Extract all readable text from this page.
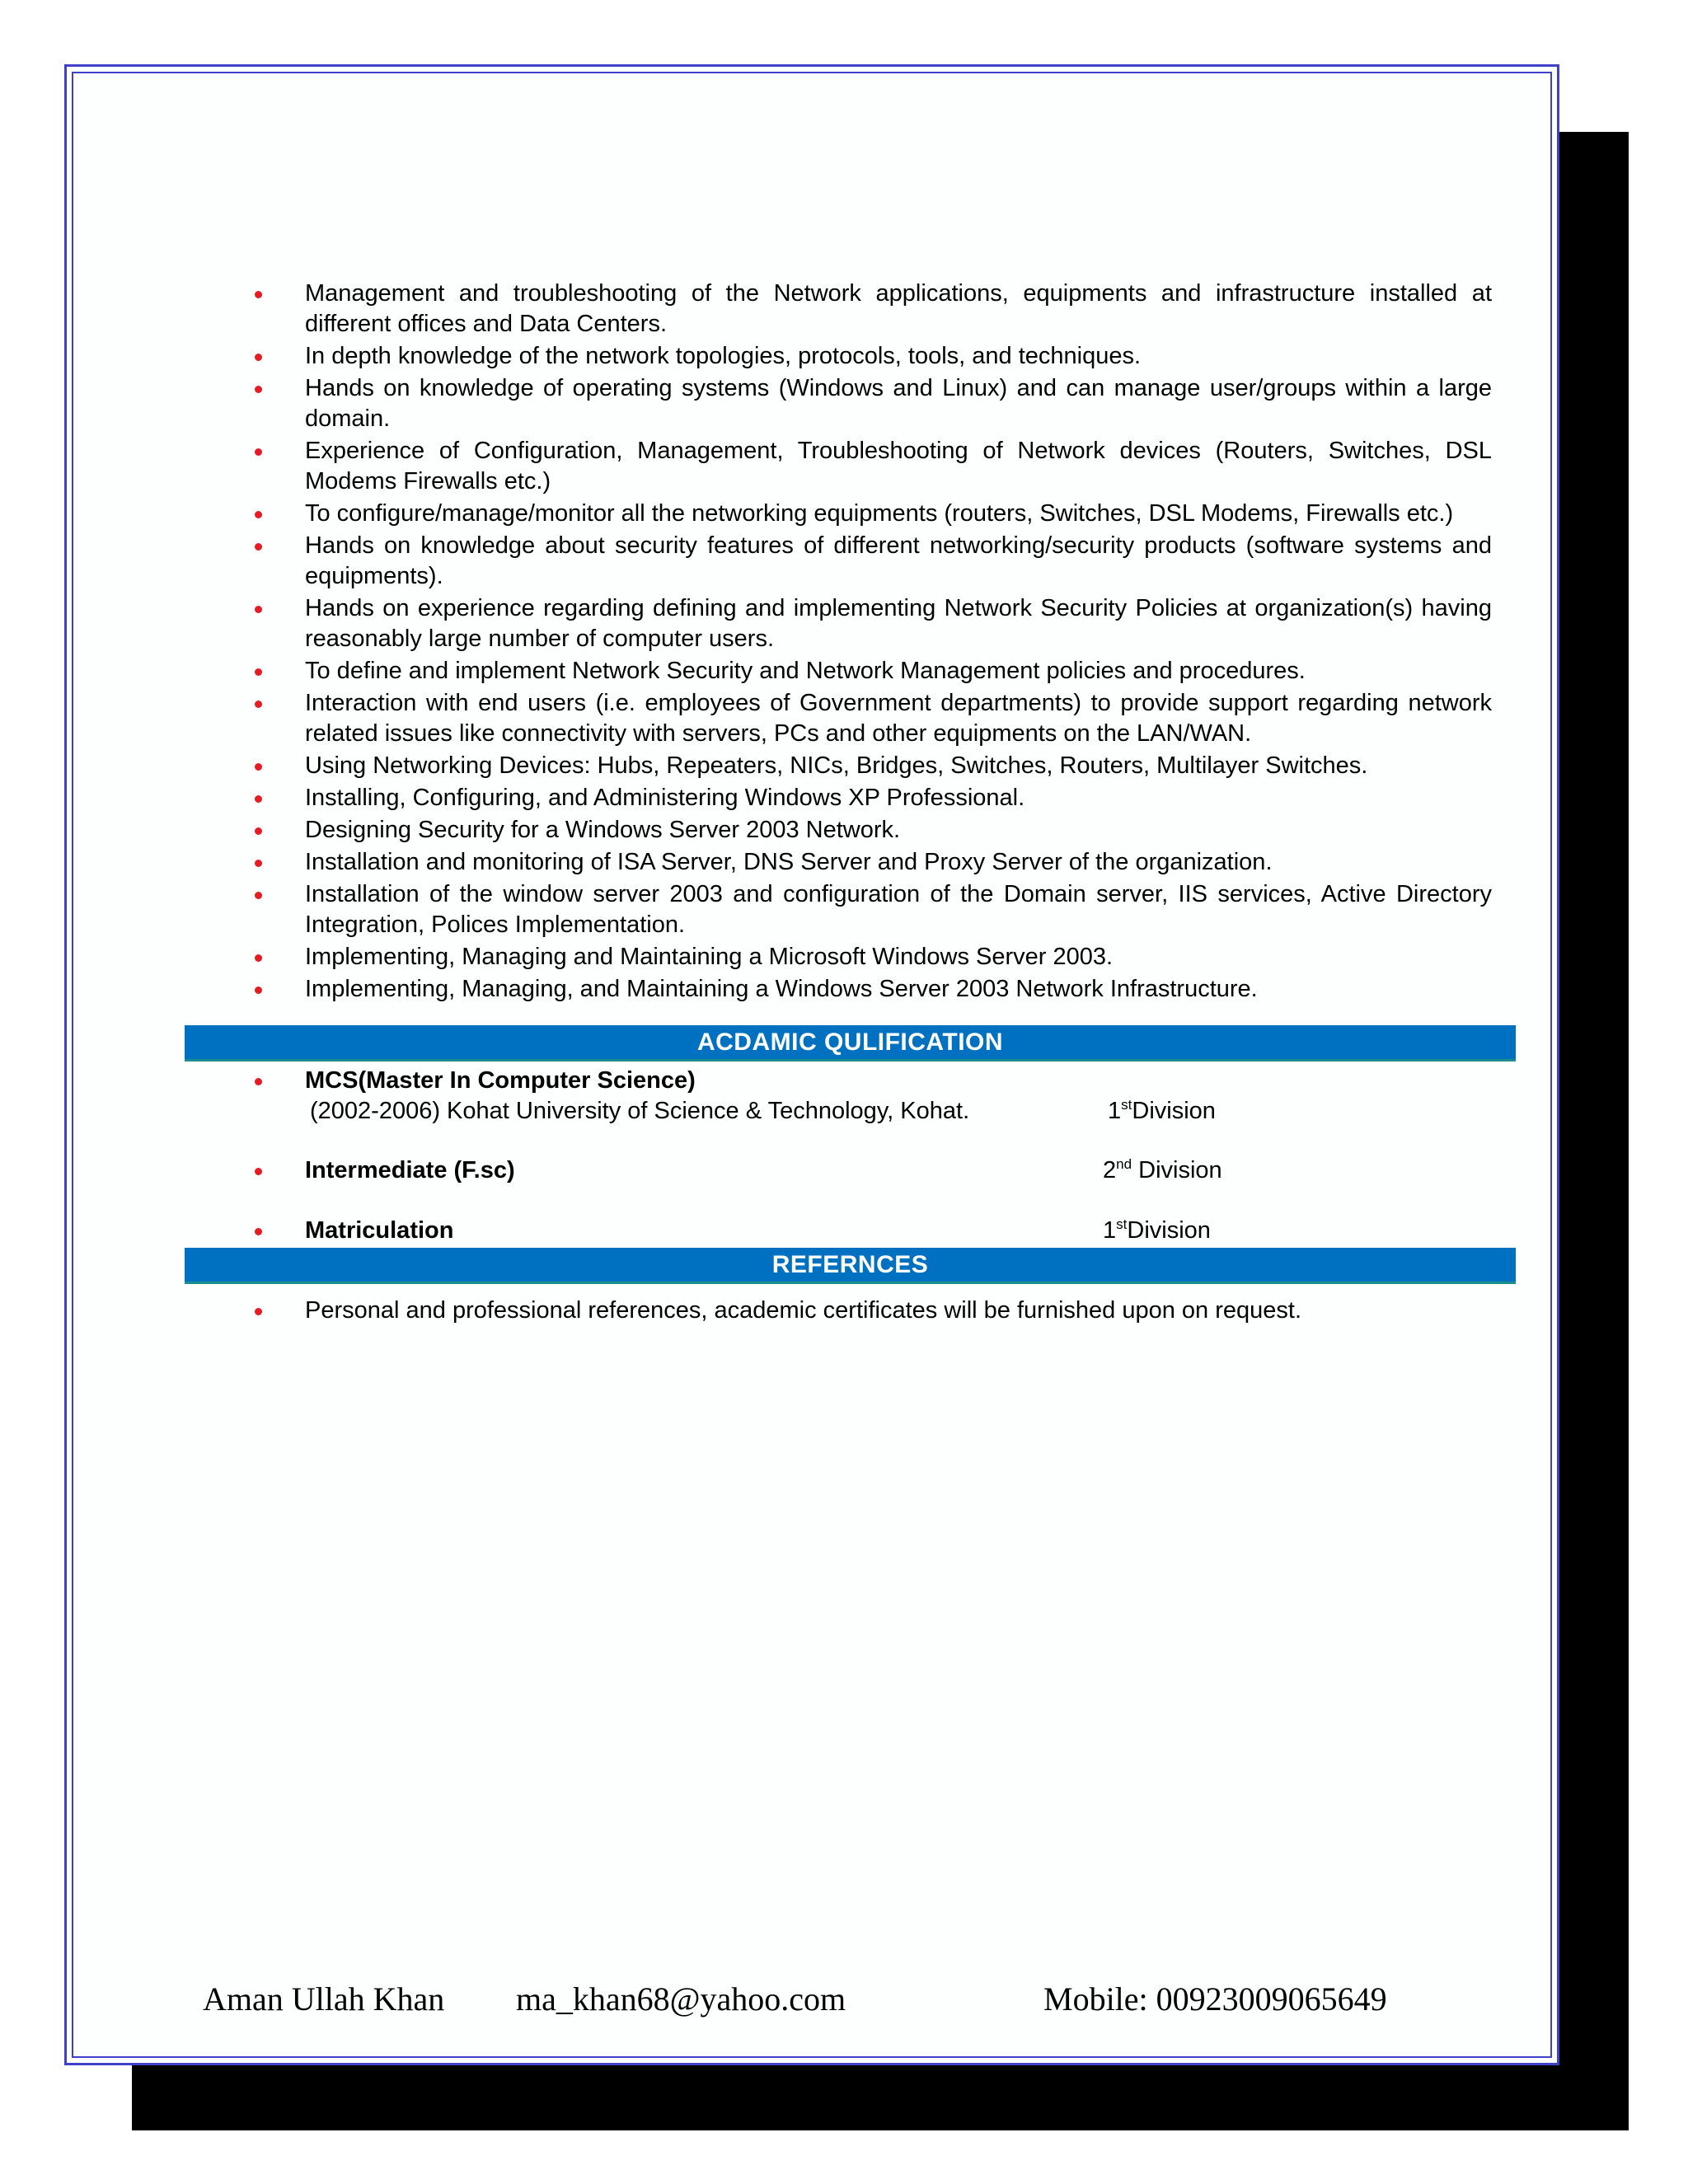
Management and troubleshooting of the Network applications, equipments and infrastructure installed at different offices and Data Centers.
In depth knowledge of the network topologies, protocols, tools, and techniques.
Hands on knowledge of operating systems (Windows and Linux) and can manage user/groups within a large domain.
Experience of Configuration, Management, Troubleshooting of Network devices (Routers, Switches, DSL Modems Firewalls etc.)
To configure/manage/monitor all the networking equipments (routers, Switches, DSL Modems, Firewalls etc.)
Hands on knowledge about security features of different networking/security products (software systems and equipments).
Hands on experience regarding defining and implementing Network Security Policies at organization(s) having reasonably large number of computer users.
To define and implement Network Security and Network Management policies and procedures.
Interaction with end users (i.e. employees of Government departments) to provide support regarding network related issues like connectivity with servers, PCs and other equipments on the LAN/WAN.
Using Networking Devices: Hubs, Repeaters, NICs, Bridges, Switches, Routers, Multilayer Switches.
Installing, Configuring, and Administering Windows XP Professional.
Designing Security for a Windows Server 2003 Network.
Installation and monitoring of ISA Server, DNS Server and Proxy Server of the organization.
Installation of the window server 2003 and configuration of the Domain server, IIS services, Active Directory Integration, Polices Implementation.
Implementing, Managing and Maintaining a Microsoft Windows Server 2003.
Implementing, Managing, and Maintaining a Windows Server 2003 Network Infrastructure.
ACDAMIC QULIFICATION
MCS(Master In Computer Science)
(2002-2006) Kohat University of Science & Technology, Kohat.	1stDivision
Intermediate (F.sc)	2nd Division
Matriculation	1stDivision
REFERNCES
Personal and professional references, academic certificates will be furnished upon on request.
Aman Ullah Khan ma_khan68@yahoo.com	Mobile: 00923009065649
